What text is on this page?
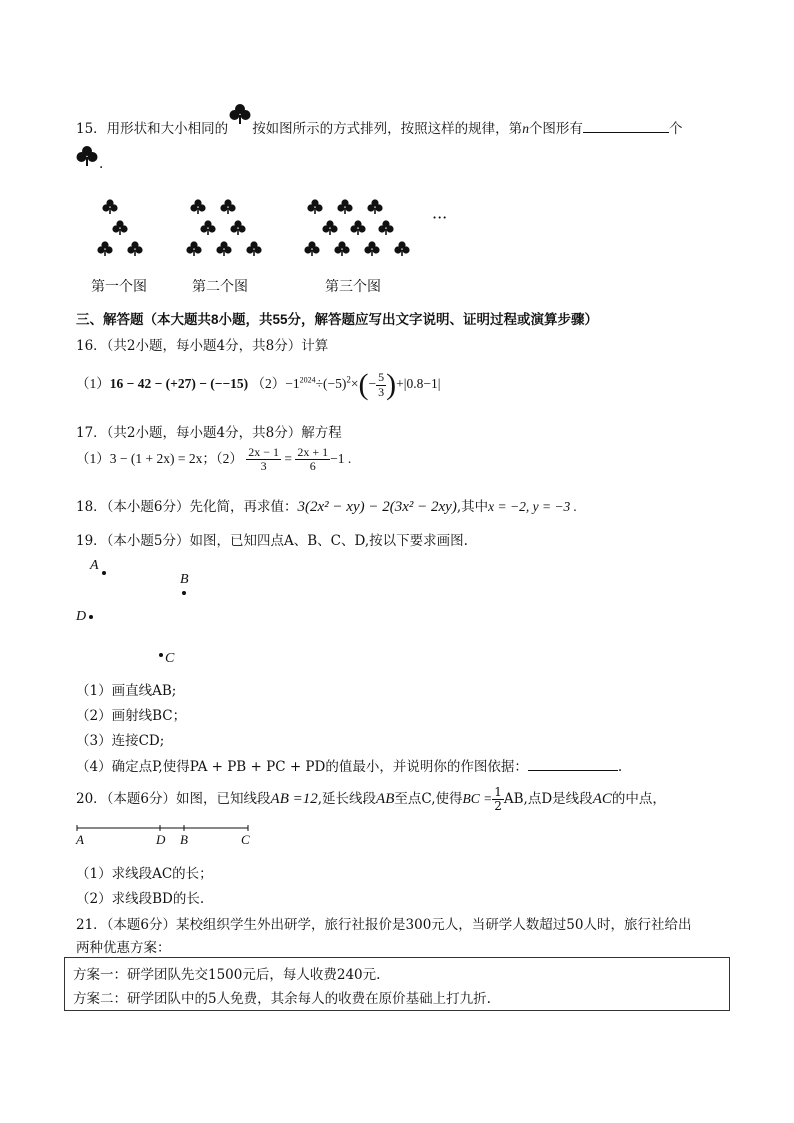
15．用形状和大小相同的 按如图所示的方式排列，按照这样的规律，第n个图形有	个
.
···
第一个图	第二个图	第三个图
三、解答题（本大题共8小题，共55分，解答题应写出文字说明、证明过程或演算步骤）
16．（共2小题，每小题4分，共8分）计算
（1）16 − 42 − (+27) − (−−15) $(2)-1^{2024}\div(-5)^2\times(- \frac{5}{3} )+|0.8-1|$
17．（共2小题，每小题4分，共8分）解方程
（1）3 − (1 + 2x) = 2x；$(2) \frac{2x - 1}{3} = \frac{2x + 1}{6} -1$ .
18．（本小题6分）先化简，再求值：3(2x² − xy) − 2(3x² − 2xy),其中x = −2, y = −3 .
19．（本小题5分）如图，已知四点A、B、C、D,按以下要求画图.
A
B
D
C
（1）画直线AB;
（2）画射线BC；
（3）连接CD;
（4）确定点P,使得PA + PB + PC + PD的值最小，并说明你的作图依据：	.
20．（本题6分）如图，已知线段AB =12,延长线段AB至点C,使得BC = $\frac{1}{2}$ AB,点D是线段AC的中点，
A	D B	C
（1）求线段AC的长；
（2）求线段BD的长.
21．（本题6分）某校组织学生外出研学，旅行社报价是300元人，当研学人数超过50人时，旅行社给出
两种优惠方案：
方案一：研学团队先交1500元后，每人收费240元.
方案二：研学团队中的5人免费，其余每人的收费在原价基础上打九折.
